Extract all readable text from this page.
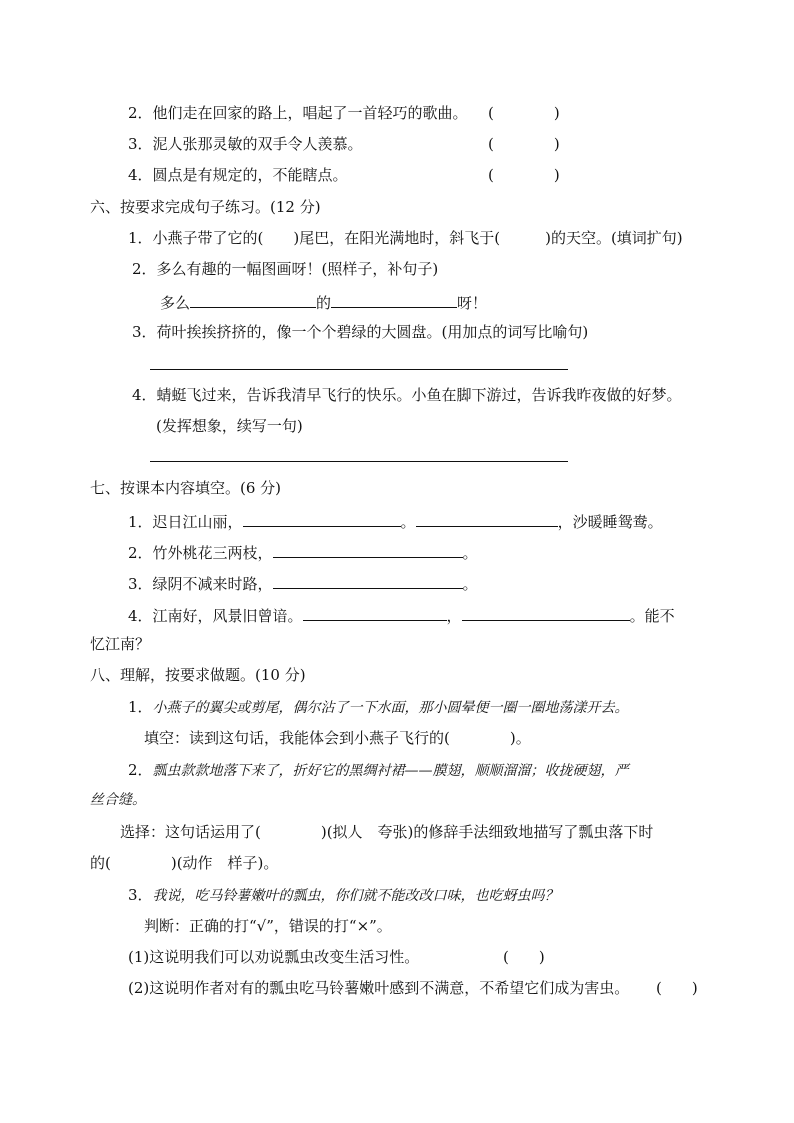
2．他们走在回家的路上，唱起了一首轻巧的歌曲。 (　　　　)
3．泥人张那灵敏的双手令人羡慕。	(　　　　)
4．圆点是有规定的，不能瞎点。	(　　　　)
六、按要求完成句子练习。(12 分)
1．小燕子带了它的(　　)尾巴，在阳光满地时，斜飞于(　　　)的天空。(填词扩句)
2．多么有趣的一幅图画呀！(照样子，补句子)
多么	的	呀！
3．荷叶挨挨挤挤的，像一个个碧绿的大圆盘。(用加点的词写比喻句)
4．蜻蜓飞过来，告诉我清早飞行的快乐。小鱼在脚下游过，告诉我昨夜做的好梦。
(发挥想象，续写一句)
七、按课本内容填空。(6 分)
1．迟日江山丽，	。	，沙暖睡鸳鸯。
2．竹外桃花三两枝，	。
3．绿阴不减来时路，	。
4．江南好，风景旧曾谙。	，	。能不
忆江南？
八、理解，按要求做题。(10 分)
1．小燕子的翼尖或剪尾，偶尔沾了一下水面，那小圆晕便一圈一圈地荡漾开去。
填空：读到这句话，我能体会到小燕子飞行的(　　　　)。
2．瓢虫款款地落下来了，折好它的黑绸衬裙——膜翅，顺顺溜溜；收拢硬翅，严
丝合缝。
选择：这句话运用了(　　　　)(拟人　夸张)的修辞手法细致地描写了瓢虫落下时
的(　　　　)(动作　样子)。
3．我说，吃马铃薯嫩叶的瓢虫，你们就不能改改口味，也吃蚜虫吗？
判断：正确的打“√”，错误的打“×”。
(1)这说明我们可以劝说瓢虫改变生活习性。	(　　)
(2)这说明作者对有的瓢虫吃马铃薯嫩叶感到不满意，不希望它们成为害虫。 (　　)
